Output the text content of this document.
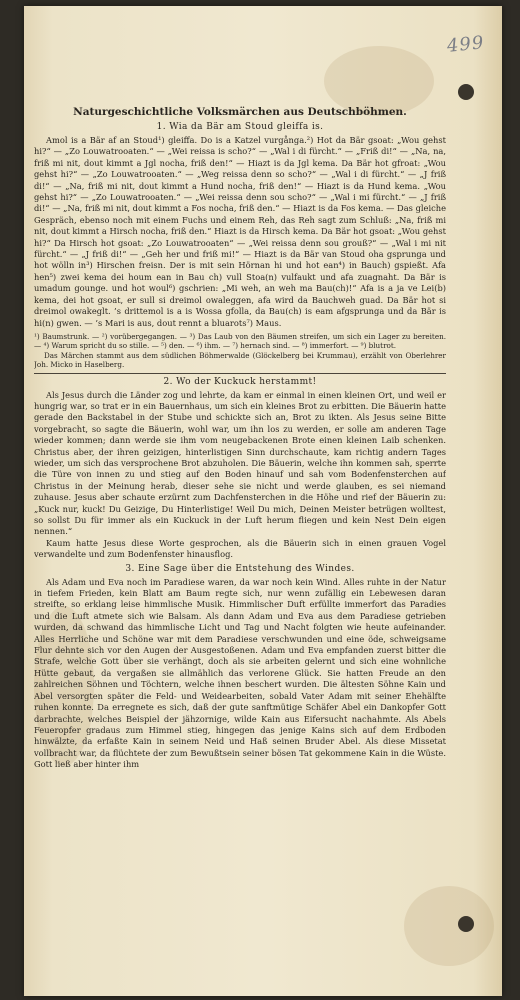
499
Naturgeschichtliche Volksmärchen aus Deutschböhmen.
1. Wia da Bär am Stoud gleiffa is.

Amol is a Bär af an Stoud¹) gleiffa. Do is a Katzel vurgånga.²) Hot da Bär gsoat: „Wou gehst hi?“ — „Zo Louwatrooaten.“ — „Wei reissa is scho?“ — „Wal i di fürcht.“ — „Friß di!“ — „Na, na, friß mi nit, dout kimmt a Jgl nocha, friß den!“ — Hiazt is da Jgl kema. Da Bär hot gfroat: „Wou gehst hi?“ — „Zo Louwatrooaten.“ — „Weg reissa denn so scho?“ — „Wal i di fürcht.“ — „J friß di!“ — „Na, friß mi nit, dout kimmt a Hund nocha, friß den!“ — Hiazt is da Hund kema. „Wou gehst hi?“ — „Zo Louwatrooaten.“ — „Wei reissa denn sou scho?“ — „Wal i mi fürcht.“ — „J friß di!“ — „Na, friß mi nit, dout kimmt a Fos nocha, friß den.“ — Hiazt is da Fos kema. — Das gleiche Gespräch, ebenso noch mit einem Fuchs und einem Reh, das Reh sagt zum Schluß: „Na, friß mi nit, dout kimmt a Hirsch nocha, friß den.“ Hiazt is da Hirsch kema. Da Bär hot gsoat: „Wou gehst hi?“ Da Hirsch hot gsoat: „Zo Louwatrooaten“ — „Wei reissa denn sou grouß?“ — „Wal i mi nit fürcht.“ — „J friß di!“ — „Geh her und friß mi!“ — Hiazt is da Bär van Stoud oha gsprunga und hot wölln in³) Hirschen freisn. Der is mit sein Hörnan hi und hot ean⁴) in Bauch) gspießt. Afa hen⁵) zwei kema dei houm ean in Bau ch) vull Stoa(n) vulfaukt und afa zuagnaht. Da Bär is umadum gounge. und hot woul⁶) gschrien: „Mi weh, an weh ma Bau(ch)!“ Afa is a ja ve Lei(b) kema, dei hot gsoat, er sull si dreimol owaleggen, afa wird da Bauchweh guad. Da Bär hot si dreimol owakeglt. ’s drittemol is a is Wossa gfolla, da Bau(ch) is eam afgsprunga und da Bär is hi(n) gwen. — ’s Mari is aus, dout rennt a bluarots⁷) Maus.

¹) Baumstrunk. — ²) vorübergegangen. — ³) Das Laub von den Bäumen streifen, um sich ein Lager zu bereiten. — ⁴) Warum spricht du so stille. — ⁵) den. — ⁶) ihm. — ⁷) hernach sind. — ⁸) immerfort. — ⁹) blutrot.

Das Märchen stammt aus dem südlichen Böhmerwalde (Glöckelberg bei Krummau), erzählt von Oberlehrer Joh. Micko in Haselberg.

2. Wo der Kuckuck herstammt!

Als Jesus durch die Länder zog und lehrte, da kam er einmal in einen kleinen Ort, und weil er hungrig war, so trat er in ein Bauernhaus, um sich ein kleines Brot zu erbitten. Die Bäuerin hatte gerade den Backstabel in der Stube und schickte sich an, Brot zu ikten. Als Jesus seine Bitte vorgebracht, so sagte die Bäuerin, wohl war, um ihn los zu werden, er solle am anderen Tage wieder kommen; dann werde sie ihm vom neugebackenen Brote einen kleinen Laib schenken. Christus aber, der ihren geizigen, hinterlistigen Sinn durchschaute, kam richtig andern Tages wieder, um sich das versprochene Brot abzuholen. Die Bäuerin, welche ihn kommen sah, sperrte die Türe von innen zu und stieg auf den Boden hinauf und sah vom Bodenfensterchen auf Christus in der Meinung herab, dieser sehe sie nicht und werde glauben, es sei niemand zuhause. Jesus aber schaute erzürnt zum Dachfensterchen in die Höhe und rief der Bäuerin zu: „Kuck nur, kuck! Du Geizige, Du Hinterlistige! Weil Du mich, Deinen Meister betrügen wolltest, so sollst Du für immer als ein Kuckuck in der Luft herum fliegen und kein Nest Dein eigen nennen.“

Kaum hatte Jesus diese Worte gesprochen, als die Bäuerin sich in einen grauen Vogel verwandelte und zum Bodenfenster hinausflog.

3. Eine Sage über die Entstehung des Windes.

Als Adam und Eva noch im Paradiese waren, da war noch kein Wind. Alles ruhte in der Natur in tiefem Frieden, kein Blatt am Baum regte sich, nur wenn zufällig ein Lebewesen daran streifte, so erklang leise himmlische Musik. Himmlischer Duft erfüllte immerfort das Paradies und die Luft atmete sich wie Balsam. Als dann Adam und Eva aus dem Paradiese getrieben wurden, da schwand das himmlische Licht und Tag und Nacht folgten wie heute aufeinander. Alles Herrliche und Schöne war mit dem Paradiese verschwunden und eine öde, schweigsame Flur dehnte sich vor den Augen der Ausgestoßenen. Adam und Eva empfanden zuerst bitter die Strafe, welche Gott über sie verhängt, doch als sie arbeiten gelernt und sich eine wohnliche Hütte gebaut, da vergaßen sie allmählich das verlorene Glück. Sie hatten Freude an den zahlreichen Söhnen und Töchtern, welche ihnen beschert wurden. Die ältesten Söhne Kain und Abel versorgten später die Feld- und Weidearbeiten, sobald Vater Adam mit seiner Ehehälfte ruhen konnte. Da erregnete es sich, daß der gute sanftmütige Schäfer Abel ein Dankopfer Gott darbrachte, welches Beispiel der jähzornige, wilde Kain aus Eifersucht nachahmte. Als Abels Feueropfer gradaus zum Himmel stieg, hingegen das jenige Kains sich auf dem Erdboden hinwälzte, da erfaßte Kain in seinem Neid und Haß seinen Bruder Abel. Als diese Missetat vollbracht war, da flüchtete der zum Bewußtsein seiner bösen Tat gekommene Kain in die Wüste. Gott ließ aber hinter ihm
